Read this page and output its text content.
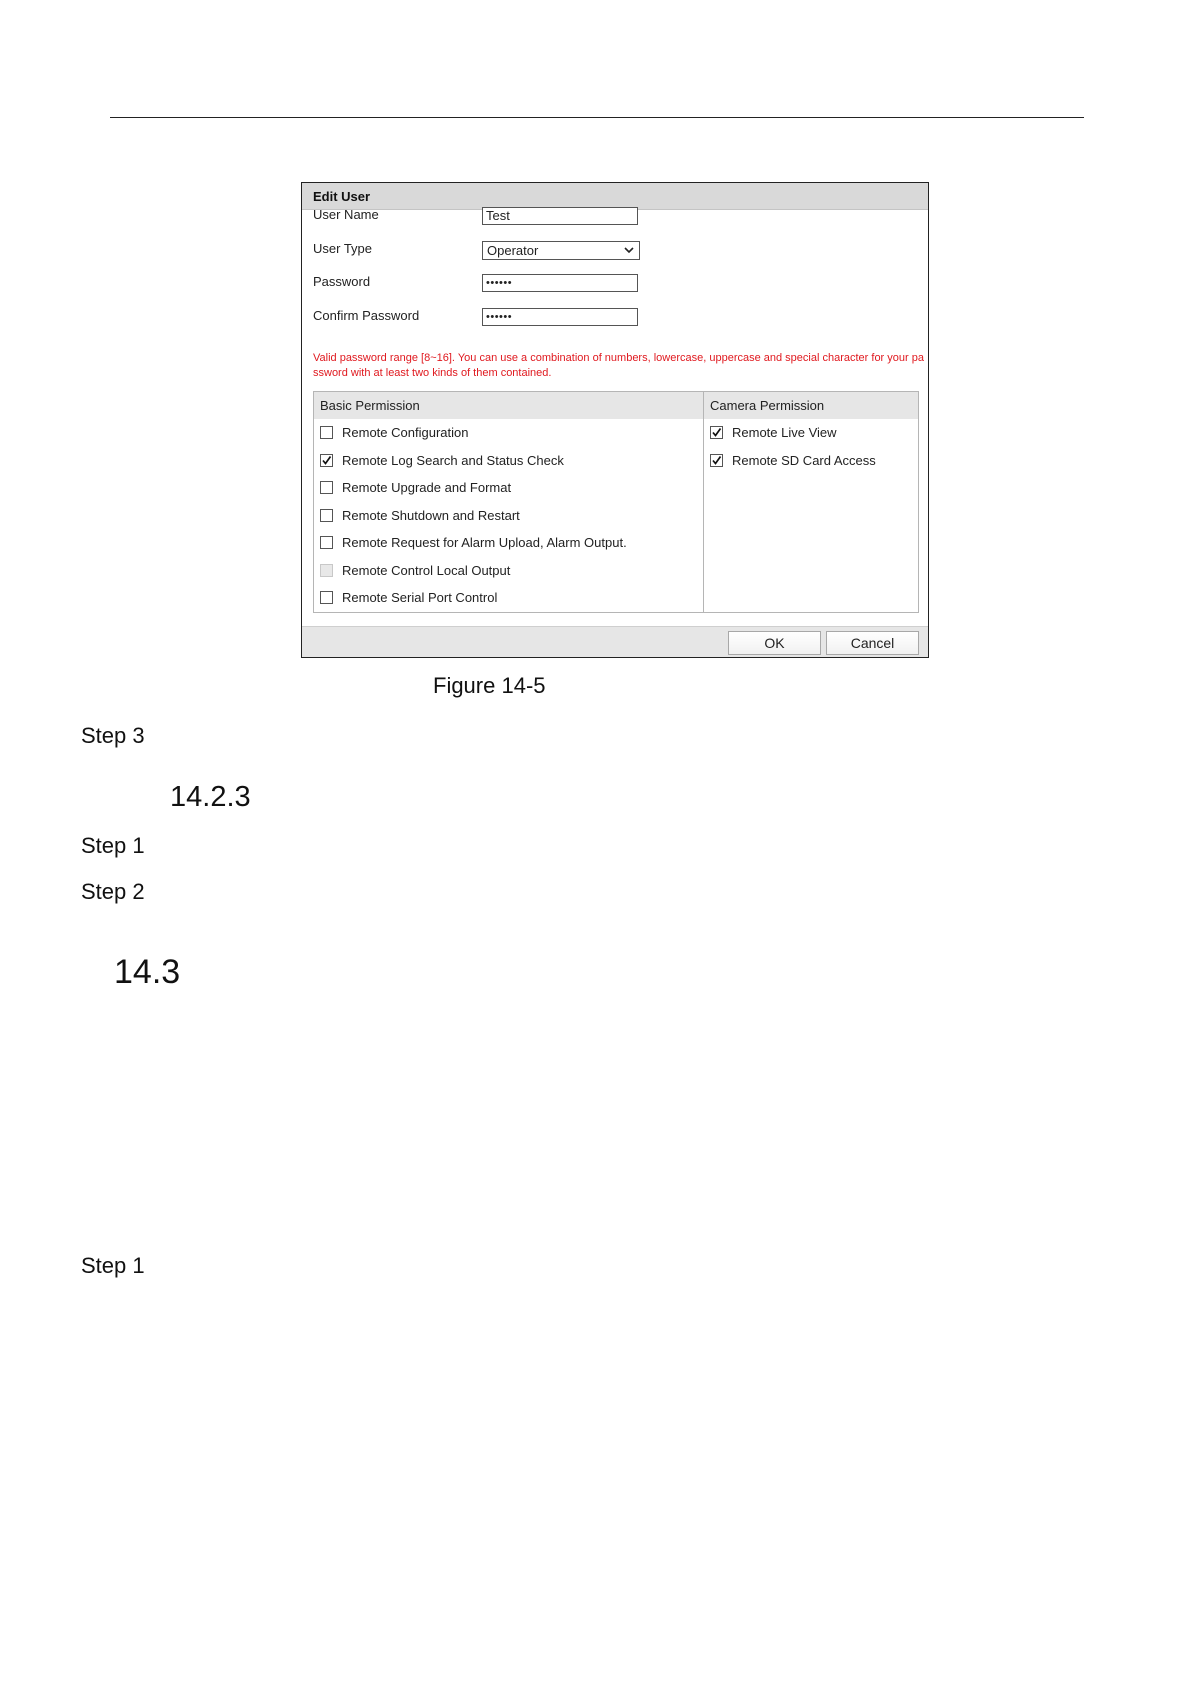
Edit User
User Name	Test
User Type	Operator
Password	••••••
Confirm Password	••••••
Valid password range [8~16]. You can use a combination of numbers, lowercase, uppercase and special character for your password with at least two kinds of them contained.
Basic Permission
Remote Configuration
Remote Log Search and Status Check
Remote Upgrade and Format
Remote Shutdown and Restart
Remote Request for Alarm Upload, Alarm Output.
Remote Control Local Output
Remote Serial Port Control
Camera Permission
Remote Live View
Remote SD Card Access
OK	Cancel
Figure 14-5
Step 3
14.2.3
Step 1
Step 2
14.3
Step 1
